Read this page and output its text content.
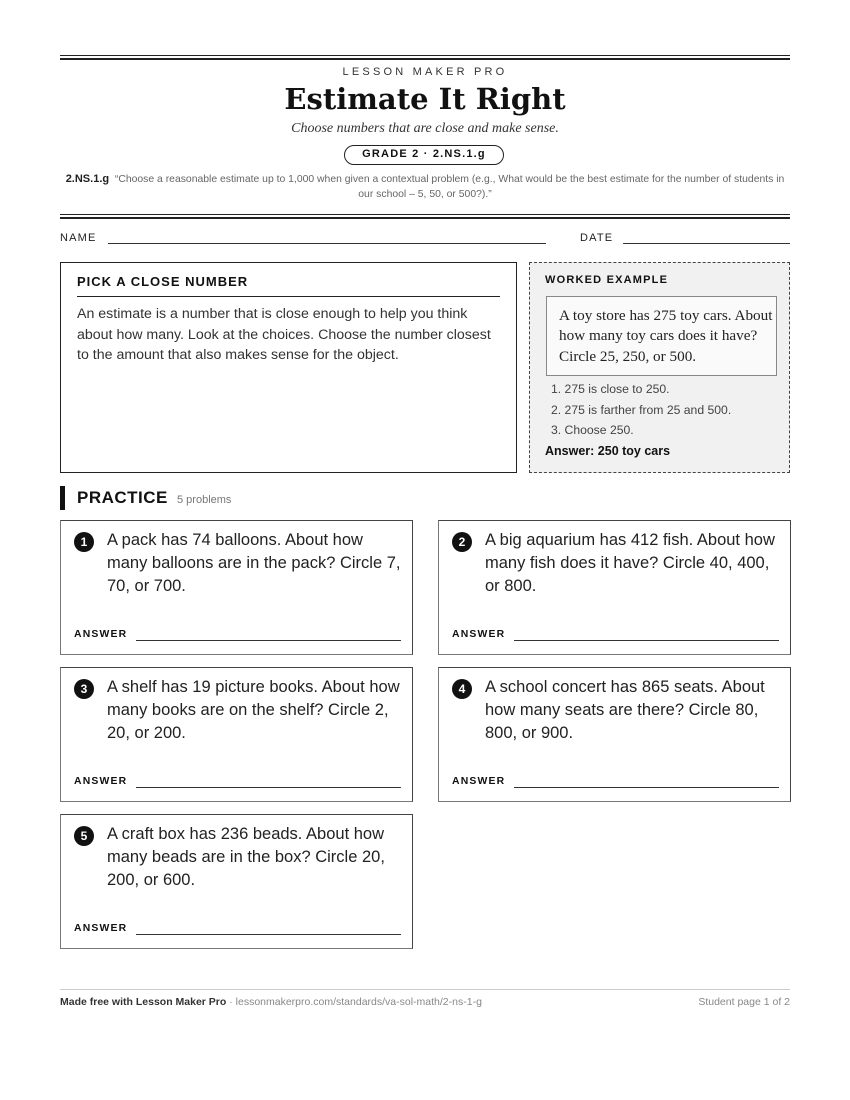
LESSON MAKER PRO
Estimate It Right
Choose numbers that are close and make sense.
GRADE 2 · 2.NS.1.g
2.NS.1.g “Choose a reasonable estimate up to 1,000 when given a contextual problem (e.g., What would be the best estimate for the number of students in our school – 5, 50, or 500?).”
NAME	DATE
PICK A CLOSE NUMBER
An estimate is a number that is close enough to help you think about how many. Look at the choices. Choose the number closest to the amount that also makes sense for the object.
WORKED EXAMPLE
A toy store has 275 toy cars. About how many toy cars does it have? Circle 25, 250, or 500.
1. 275 is close to 250.
2. 275 is farther from 25 and 500.
3. Choose 250.
Answer: 250 toy cars
PRACTICE 5 problems
1	A pack has 74 balloons. About how many balloons are in the pack? Circle 7, 70, or 700.
ANSWER
2	A big aquarium has 412 fish. About how many fish does it have? Circle 40, 400, or 800.
ANSWER
3	A shelf has 19 picture books. About how many books are on the shelf? Circle 2, 20, or 200.
ANSWER
4	A school concert has 865 seats. About how many seats are there? Circle 80, 800, or 900.
ANSWER
5	A craft box has 236 beads. About how many beads are in the box? Circle 20, 200, or 600.
ANSWER
Made free with Lesson Maker Pro · lessonmakerpro.com/standards/va-sol-math/2-ns-1-g	Student page 1 of 2
